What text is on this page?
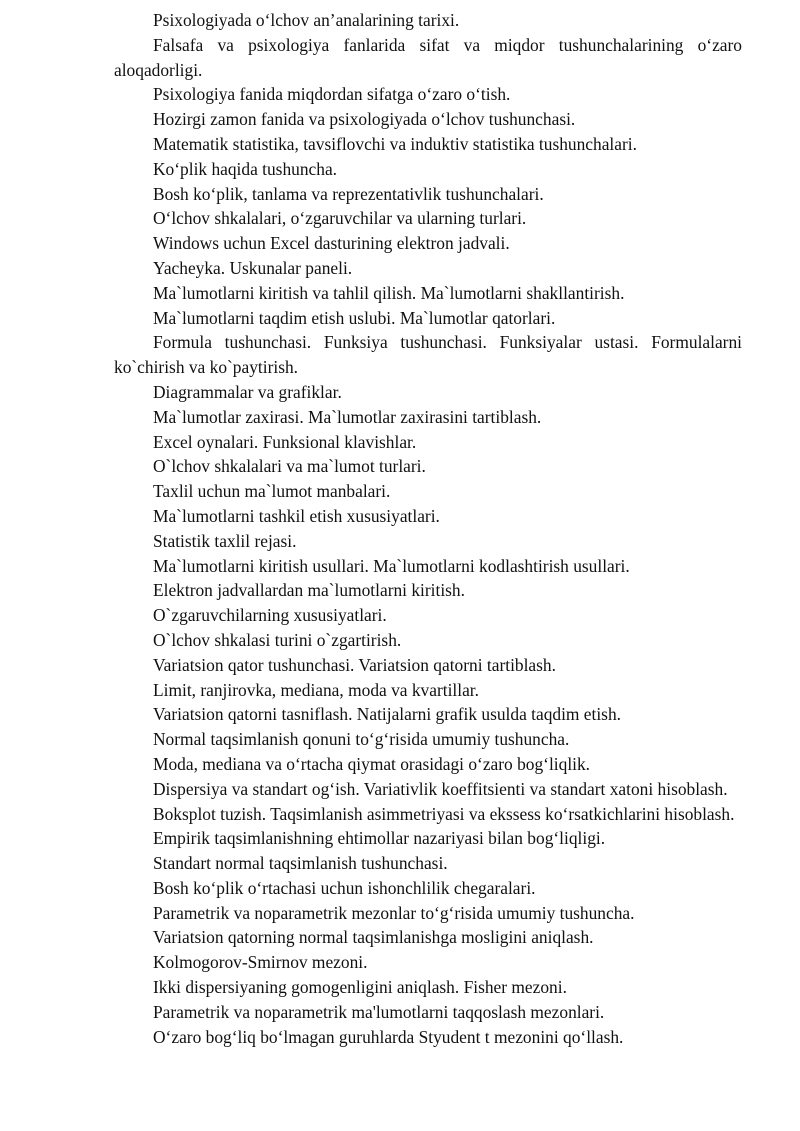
Psixologiyada oʻlchov anʼanalarining tarixi.

Falsafa va psixologiya fanlarida sifat va miqdor tushunchalarining oʻzaro aloqadorligi.

Psixologiya fanida miqdordan sifatga oʻzaro oʻtish.

Hozirgi zamon fanida va psixologiyada oʻlchov tushunchasi.

Matematik statistika, tavsiflovchi va induktiv statistika tushunchalari.

Koʻplik haqida tushuncha.

Bosh koʻplik, tanlama va reprezentativlik tushunchalari.

Oʻlchov shkalalari, oʻzgaruvchilar va ularning turlari.

Windows uchun Excel dasturining elektron jadvali.

Yacheyka. Uskunalar paneli.

Ma`lumotlarni kiritish va tahlil qilish. Ma`lumotlarni shakllantirish.

Ma`lumotlarni taqdim etish uslubi. Ma`lumotlar qatorlari.

Formula tushunchasi. Funksiya tushunchasi. Funksiyalar ustasi. Formulalarni ko`chirish va ko`paytirish.

Diagrammalar va grafiklar.

Ma`lumotlar zaxirasi. Ma`lumotlar zaxirasini tartiblash.

Excel oynalari. Funksional klavishlar.

O`lchov shkalalari va ma`lumot turlari.

Taxlil uchun ma`lumot manbalari.

Ma`lumotlarni tashkil etish xususiyatlari.

Statistik taxlil rejasi.

Ma`lumotlarni kiritish usullari. Ma`lumotlarni kodlashtirish usullari.

Elektron jadvallardan ma`lumotlarni kiritish.

O`zgaruvchilarning xususiyatlari.

O`lchov shkalasi turini o`zgartirish.

Variatsion qator tushunchasi. Variatsion qatorni tartiblash.

Limit, ranjirovka, mediana, moda va kvartillar.

Variatsion qatorni tasniflash. Natijalarni grafik usulda taqdim etish.

Normal taqsimlanish qonuni toʻgʻrisida umumiy tushuncha.

Moda, mediana va oʻrtacha qiymat orasidagi oʻzaro bogʻliqlik.

Dispersiya va standart ogʻish. Variativlik koeffitsienti va standart xatoni hisoblash.

Boksplot tuzish. Taqsimlanish asimmetriyasi va ekssess koʻrsatkichlarini hisoblash.

Empirik taqsimlanishning ehtimollar nazariyasi bilan bogʻliqligi.

Standart normal taqsimlanish tushunchasi.

Bosh koʻplik oʻrtachasi uchun ishonchlilik chegaralari.

Parametrik va noparametrik mezonlar toʻgʻrisida umumiy tushuncha.

Variatsion qatorning normal taqsimlanishga mosligini aniqlash.

Kolmogorov-Smirnov mezoni.

Ikki dispersiyaning gomogenligini aniqlash. Fisher mezoni.

Parametrik va noparametrik ma'lumotlarni taqqoslash mezonlari.

Oʻzaro bogʻliq boʻlmagan guruhlarda Styudent t mezonini qoʻllash.
